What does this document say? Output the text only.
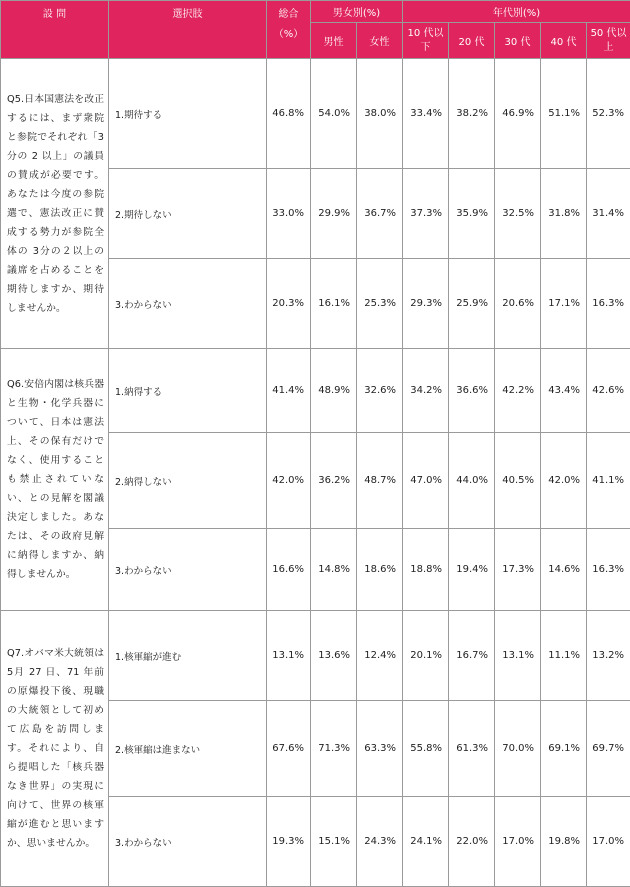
設 問	選択肢	総合
（%）	男女別(%)		年代別(%)				
			男性	女性	10 代以下	20 代	30 代	40 代	50 代以上
Q5.日本国憲法を改正するには、まず衆院と参院でそれぞれ「3 分の 2 以上」の議員の賛成が必要です。あなたは今度の参院選で、憲法改正に賛成する勢力が参院全体の 3分の２以上の議席を占めることを期待しますか、期待しませんか。	1.期待する	46.8%	54.0%	38.0%	33.4%	38.2%	46.9%	51.1%	52.3%
	2.期待しない	33.0%	29.9%	36.7%	37.3%	35.9%	32.5%	31.8%	31.4%
	3.わからない	20.3%	16.1%	25.3%	29.3%	25.9%	20.6%	17.1%	16.3%
Q6.安倍内閣は核兵器と生物・化学兵器について、日本は憲法上、その保有だけでなく、使用することも禁止されていない、との見解を閣議決定しました。あなたは、その政府見解に納得しますか、納得しませんか。	1.納得する	41.4%	48.9%	32.6%	34.2%	36.6%	42.2%	43.4%	42.6%
	2.納得しない	42.0%	36.2%	48.7%	47.0%	44.0%	40.5%	42.0%	41.1%
	3.わからない	16.6%	14.8%	18.6%	18.8%	19.4%	17.3%	14.6%	16.3%
Q7.オバマ米大統領は 5月 27 日、71 年前の原爆投下後、現職の大統領として初めて広島を訪問します。それにより、自ら提唱した「核兵器なき世界」の実現に向けて、世界の核軍縮が進むと思いますか、思いませんか。	1.核軍縮が進む	13.1%	13.6%	12.4%	20.1%	16.7%	13.1%	11.1%	13.2%
	2.核軍縮は進まない	67.6%	71.3%	63.3%	55.8%	61.3%	70.0%	69.1%	69.7%
	3.わからない	19.3%	15.1%	24.3%	24.1%	22.0%	17.0%	19.8%	17.0%
